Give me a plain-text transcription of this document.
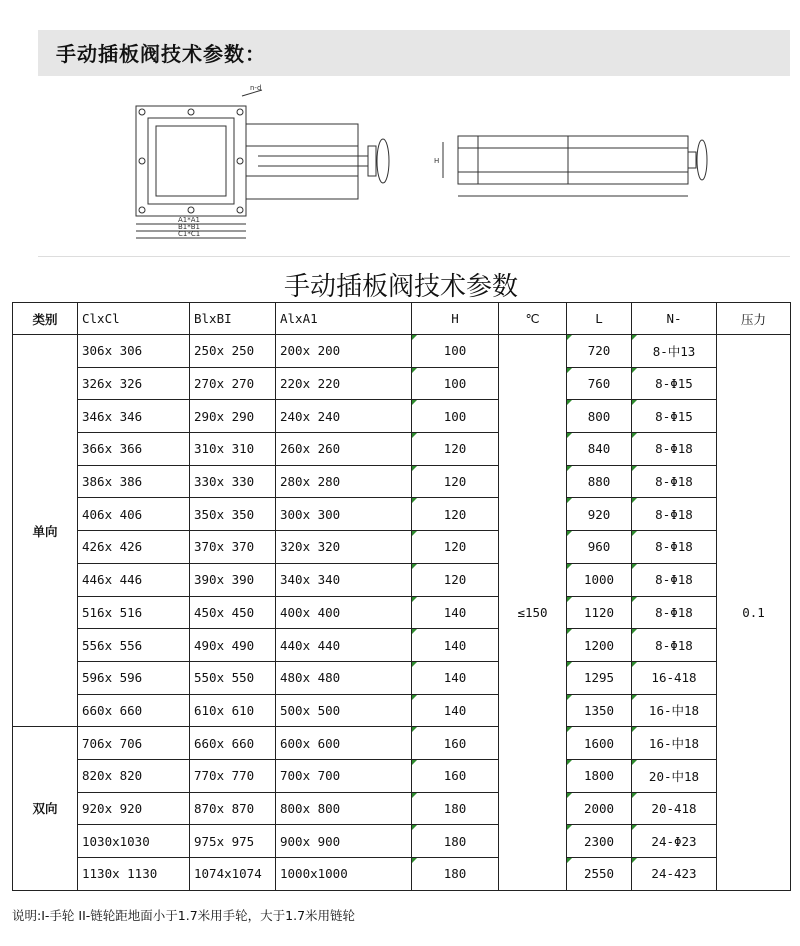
手动插板阀技术参数：
A1*A1
B1*B1
C1*C1
H
n-d
手动插板阀技术参数
类别	ClxCl	BlxBI	AlxA1	H	℃	L	N-	压力
单向	306x 306	250x 250	200x 200	100	≤150	720	8-中13	0.1
	326x 326	270x 270	220x 220	100		760	8-Φ15	
	346x 346	290x 290	240x 240	100		800	8-Φ15	
	366x 366	310x 310	260x 260	120		840	8-Φ18	
	386x 386	330x 330	280x 280	120		880	8-Φ18	
	406x 406	350x 350	300x 300	120		920	8-Φ18	
	426x 426	370x 370	320x 320	120		960	8-Φ18	
	446x 446	390x 390	340x 340	120		1000	8-Φ18	
	516x 516	450x 450	400x 400	140		1120	8-Φ18	
	556x 556	490x 490	440x 440	140		1200	8-Φ18	
	596x 596	550x 550	480x 480	140		1295	16-418	
	660x 660	610x 610	500x 500	140		1350	16-中18	
双向	706x 706	660x 660	600x 600	160		1600	16-中18	
	820x 820	770x 770	700x 700	160		1800	20-中18	
	920x 920	870x 870	800x 800	180		2000	20-418	
	1030x1030	975x 975	900x 900	180		2300	24-Φ23	
	1130x 1130	1074x1074	1000x1000	180		2550	24-423	
说明:I-手轮 II-链轮距地面小于1.7米用手轮，大于1.7米用链轮
